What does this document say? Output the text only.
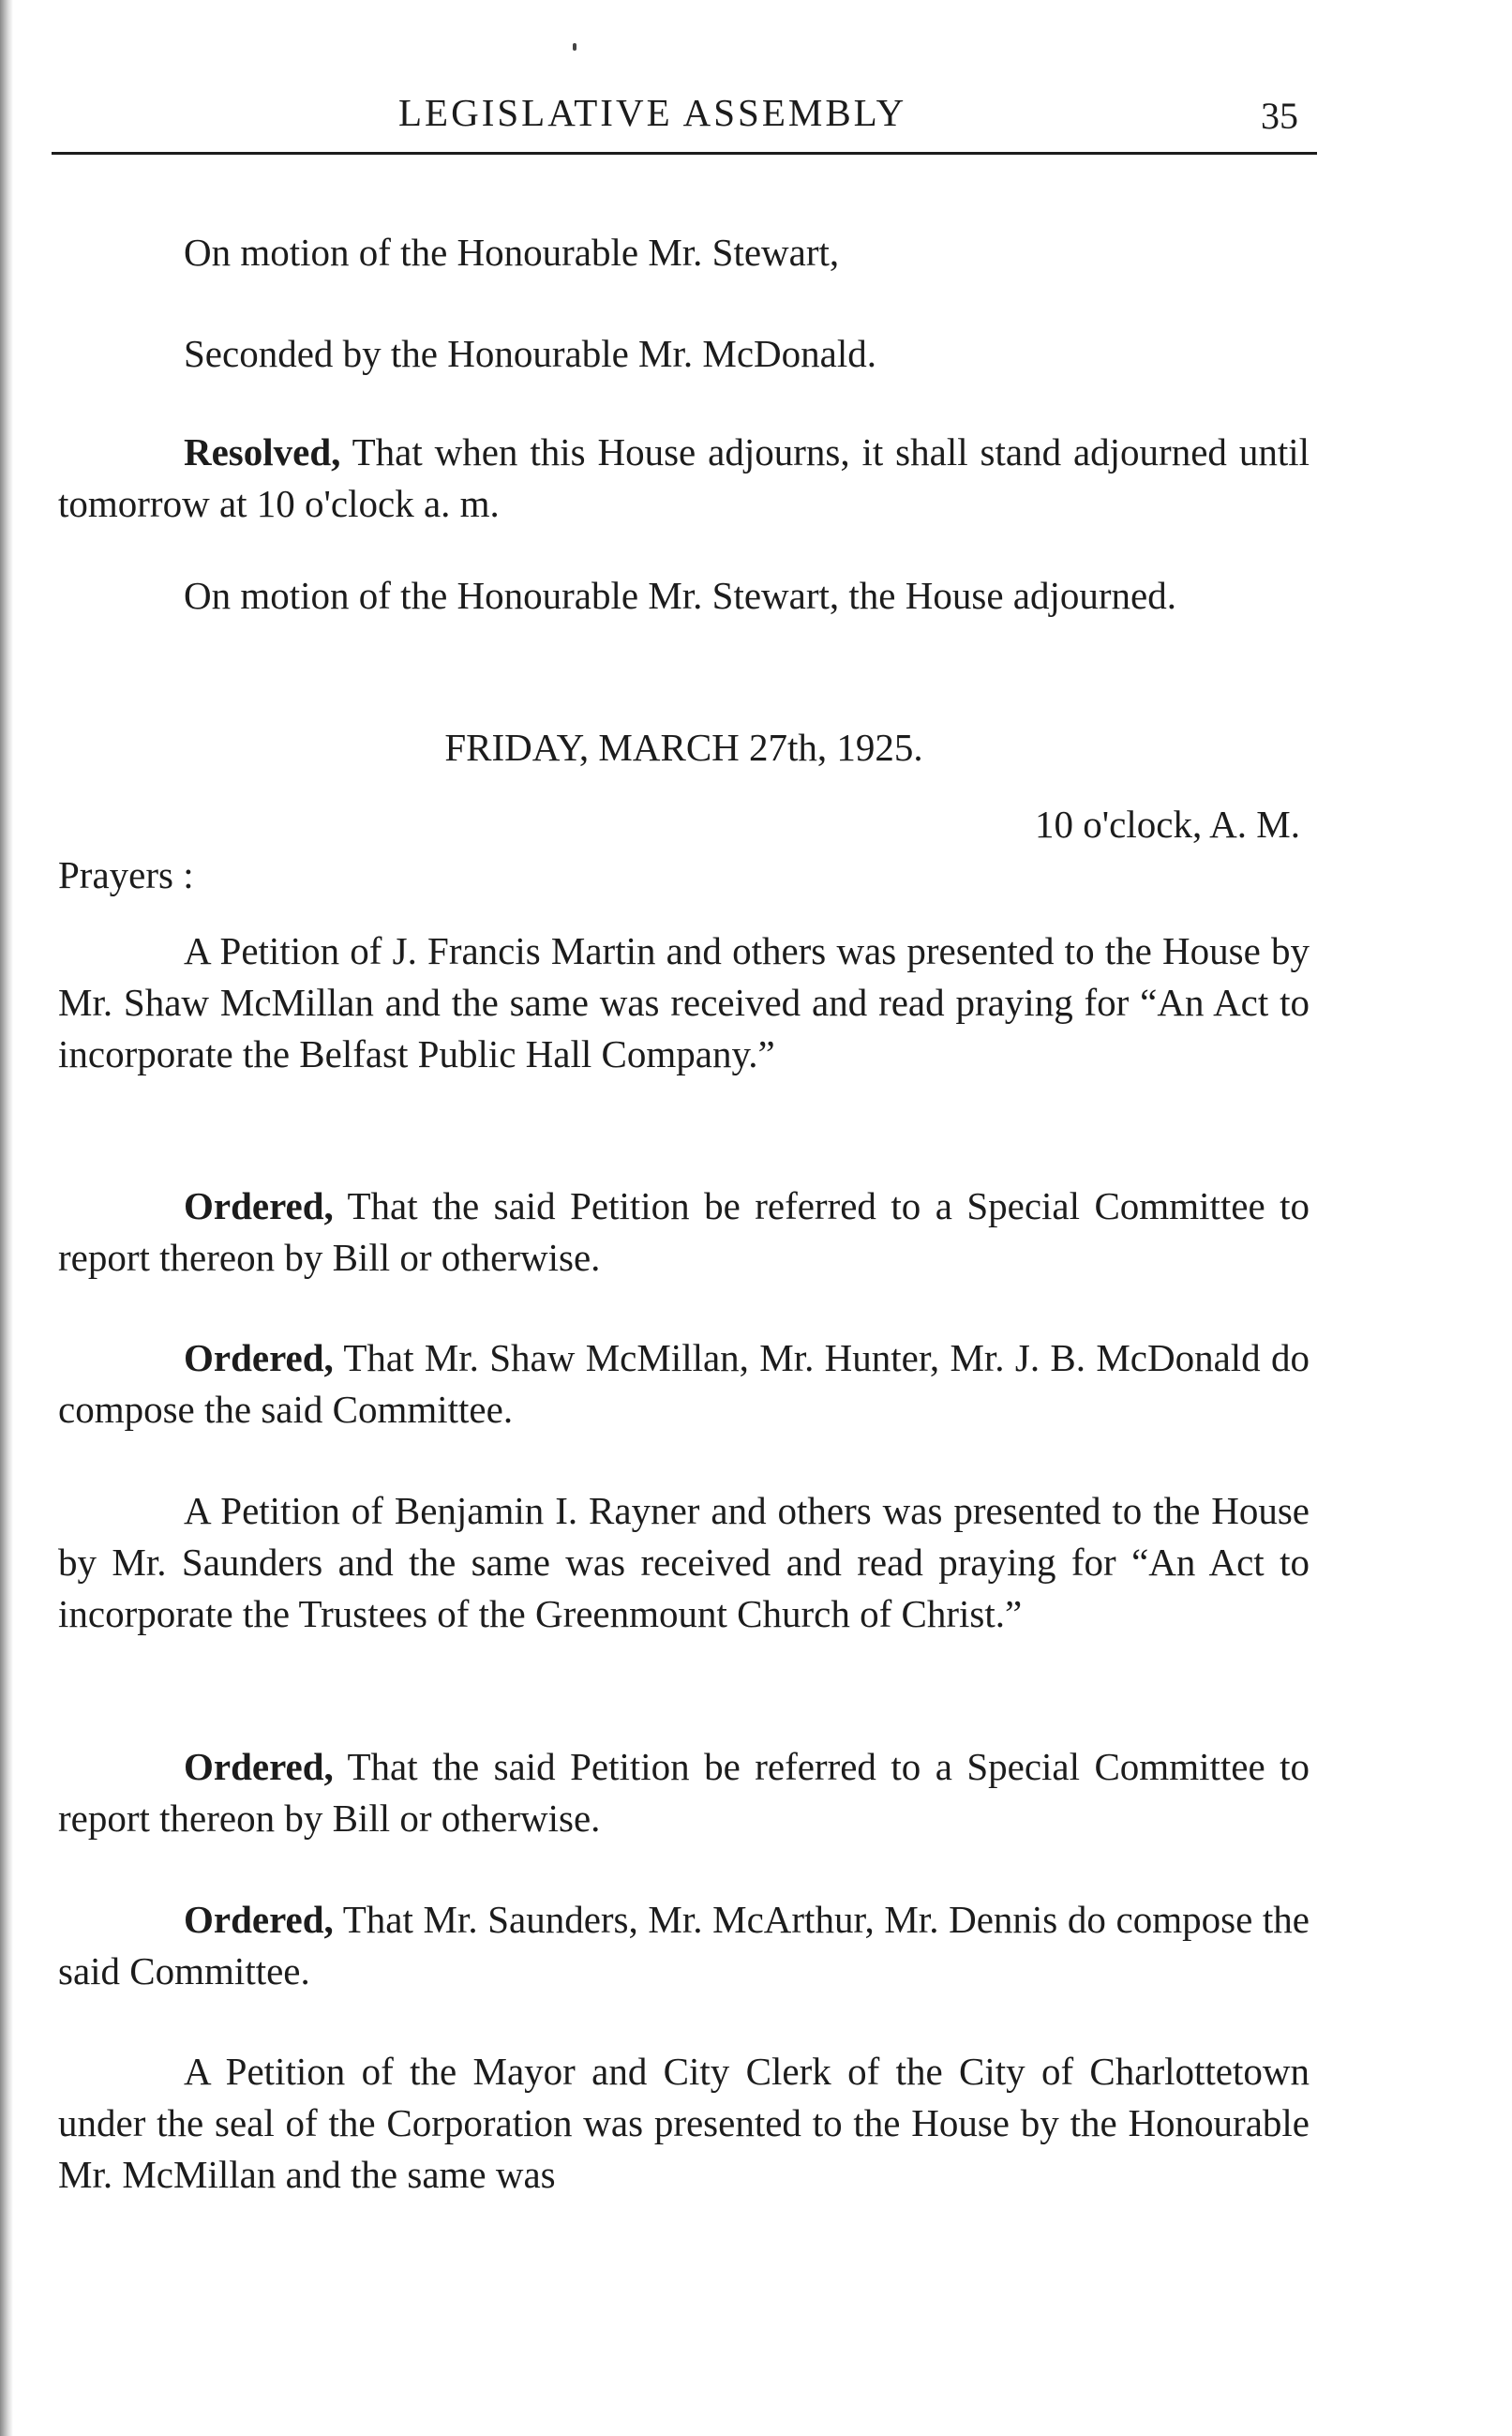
LEGISLATIVE ASSEMBLY	35
On motion of the Honourable Mr. Stewart,
Seconded by the Honourable Mr. McDonald.
Resolved, That when this House adjourns, it shall stand adjourned until tomorrow at 10 o'clock a. m.
On motion of the Honourable Mr. Stewart, the House adjourned.
FRIDAY, MARCH 27th, 1925.
10 o'clock, A. M.
Prayers :
A Petition of J. Francis Martin and others was presented to the House by Mr. Shaw McMillan and the same was received and read praying for “An Act to incorporate the Belfast Public Hall Company.”
Ordered, That the said Petition be referred to a Special Committee to report thereon by Bill or otherwise.
Ordered, That Mr. Shaw McMillan, Mr. Hunter, Mr. J. B. McDonald do compose the said Committee.
A Petition of Benjamin I. Rayner and others was presented to the House by Mr. Saunders and the same was received and read praying for “An Act to incorporate the Trustees of the Greenmount Church of Christ.”
Ordered, That the said Petition be referred to a Special Committee to report thereon by Bill or otherwise.
Ordered, That Mr. Saunders, Mr. McArthur, Mr. Dennis do compose the said Committee.
A Petition of the Mayor and City Clerk of the City of Charlottetown under the seal of the Corporation was presented to the House by the Honourable Mr. McMillan and the same was
